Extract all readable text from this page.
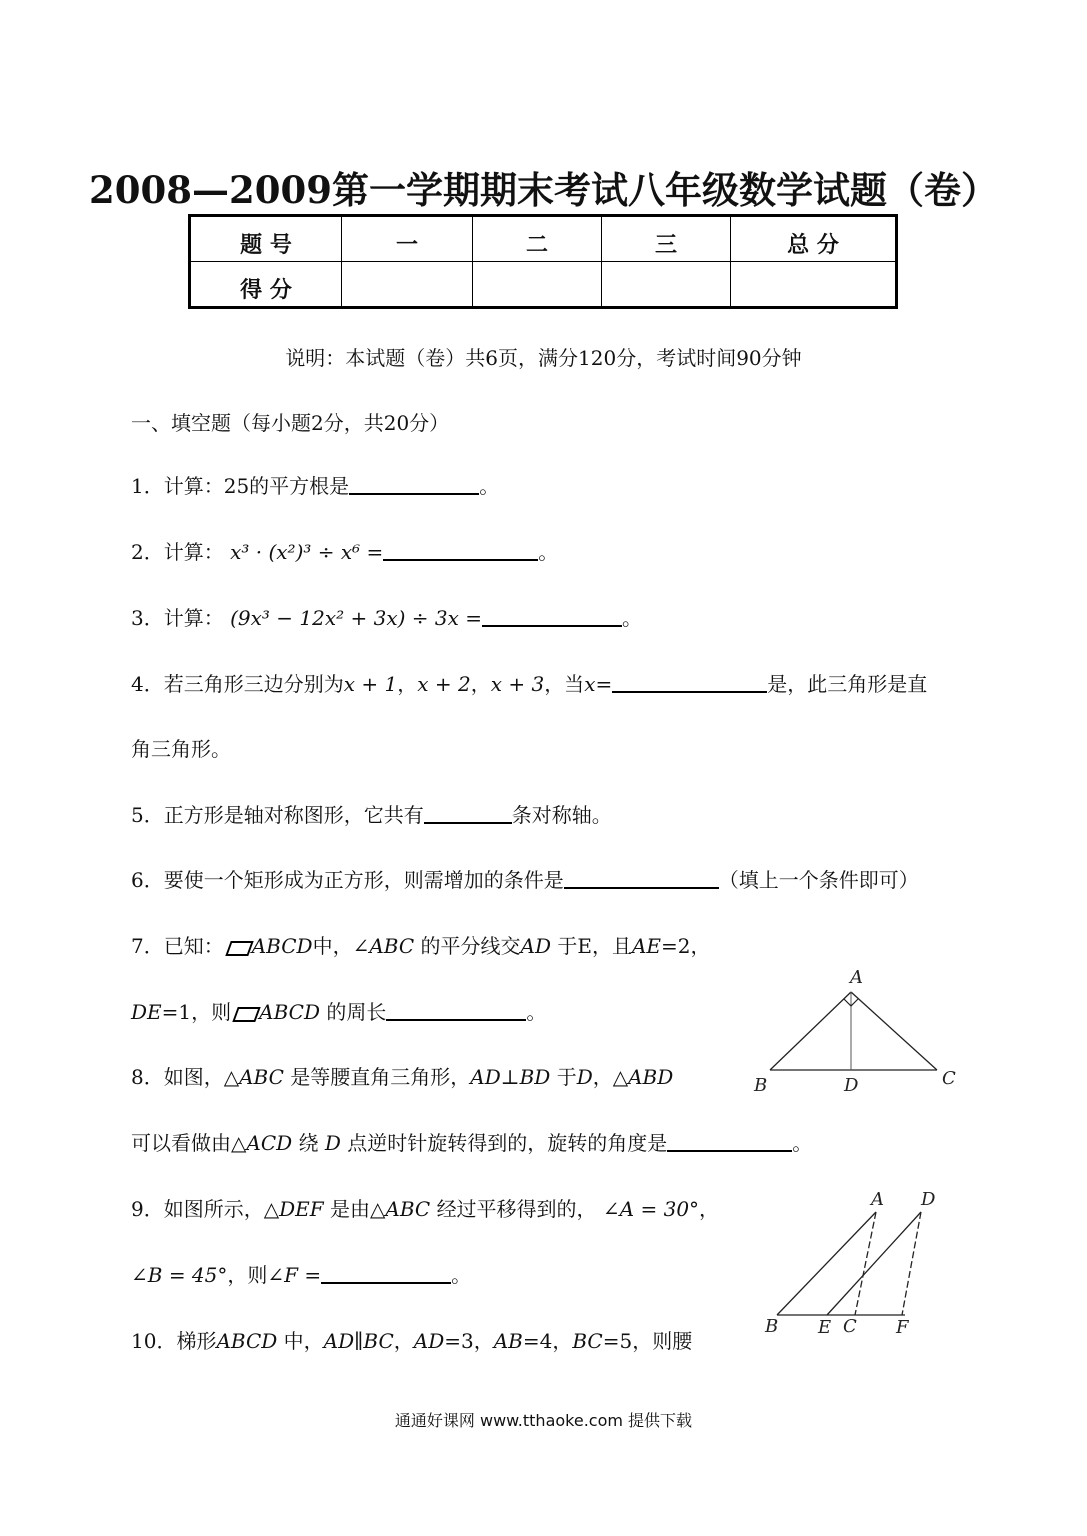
2008—2009第一学期期末考试八年级数学试题（卷）
题 号	一	二	三	总 分
得 分				
说明：本试题（卷）共6页，满分120分，考试时间90分钟
一、填空题（每小题2分，共20分）
1．计算：25的平方根是	。
2．计算： x³ · (x²)³ ÷ x⁶ =	。
3．计算： (9x³ − 12x² + 3x) ÷ 3x =	。
4．若三角形三边分别为x + 1，x + 2，x + 3，当x=	是，此三角形是直
角三角形。
5．正方形是轴对称图形，它共有	条对称轴。
6．要使一个矩形成为正方形，则需增加的条件是	（填上一个条件即可）
7．已知： ABCD中，∠ABC 的平分线交AD 于E，且AE=2，
DE=1，则 ABCD 的周长	。
A
B	D	C
8．如图，△ABC 是等腰直角三角形，AD⊥BD 于D，△ABD
可以看做由△ACD 绕 D 点逆时针旋转得到的，旋转的角度是	。
9．如图所示，△DEF 是由△ABC 经过平移得到的， ∠A = 30°，
∠B = 45°，则∠F =	。
A D
B E C F
10．梯形ABCD 中，AD∥BC，AD=3，AB=4，BC=5，则腰
通通好课网 www.tthaoke.com 提供下载
